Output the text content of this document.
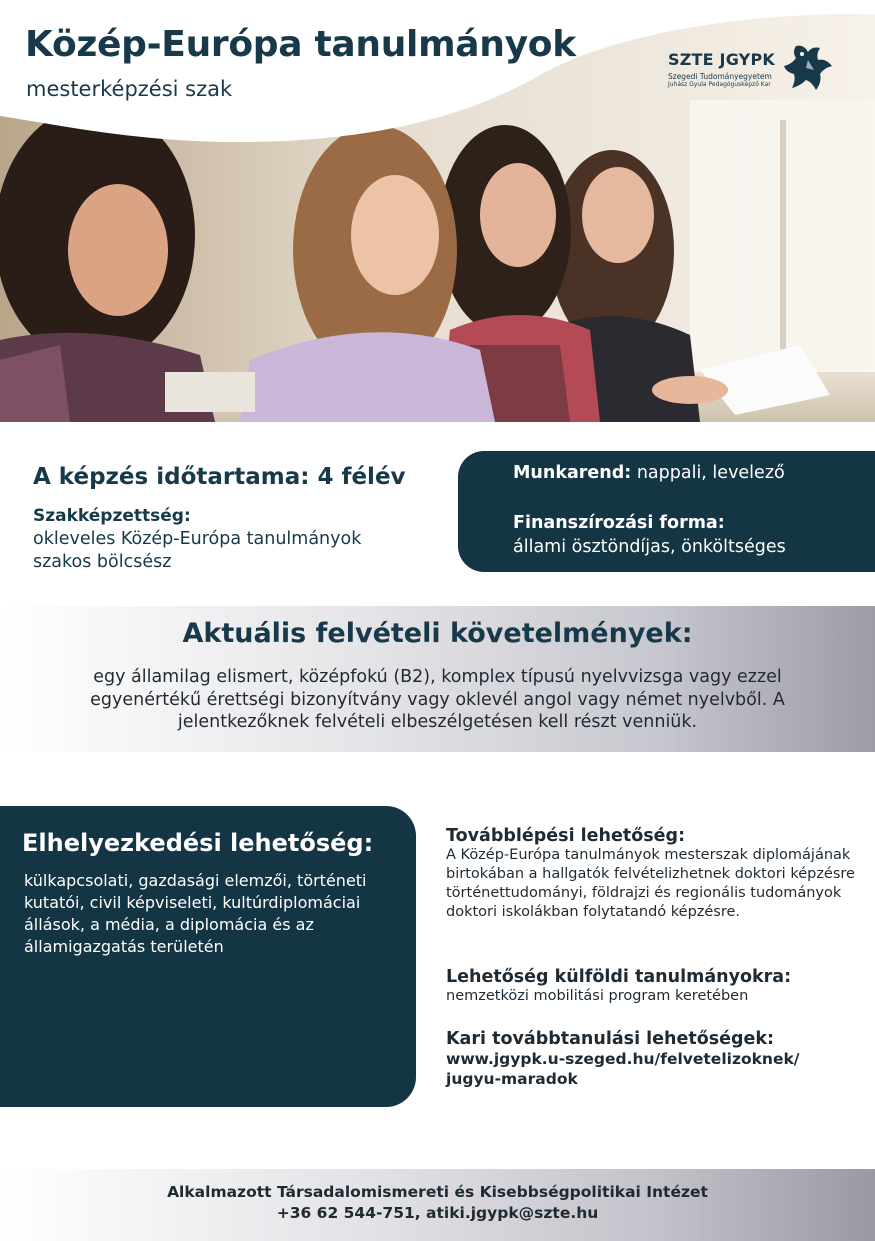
Közép-Európa tanulmányok
mesterképzési szak
SZTE JGYPK
Szegedi Tudományegyetem
Juhász Gyula Pedagógusképző Kar
A képzés időtartama: 4 félév
Szakképzettség:
okleveles Közép-Európa tanulmányok szakos bölcsész
Munkarend: nappali, levelező
Finanszírozási forma:
állami ösztöndíjas, önköltséges
Aktuális felvételi követelmények:
egy államilag elismert, középfokú (B2), komplex típusú nyelvvizsga vagy ezzel egyenértékű érettségi bizonyítvány vagy oklevél angol vagy német nyelvből. A jelentkezőknek felvételi elbeszélgetésen kell részt venniük.
Elhelyezkedési lehetőség:
külkapcsolati, gazdasági elemzői, történeti kutatói, civil képviseleti, kultúrdiplomáciai állások, a média, a diplomácia és az államigazgatás területén
Továbblépési lehetőség:
A Közép-Európa tanulmányok mesterszak diplomájának birtokában a hallgatók felvételizhetnek doktori képzésre történettudományi, földrajzi és regionális tudományok doktori iskolákban folytatandó képzésre.
Lehetőség külföldi tanulmányokra:
nemzetközi mobilitási program keretében
Kari továbbtanulási lehetőségek:
www.jgypk.u-szeged.hu/felvetelizoknek/
jugyu-maradok
Alkalmazott Társadalomismereti és Kisebbségpolitikai Intézet
+36 62 544-751, atiki.jgypk@szte.hu
